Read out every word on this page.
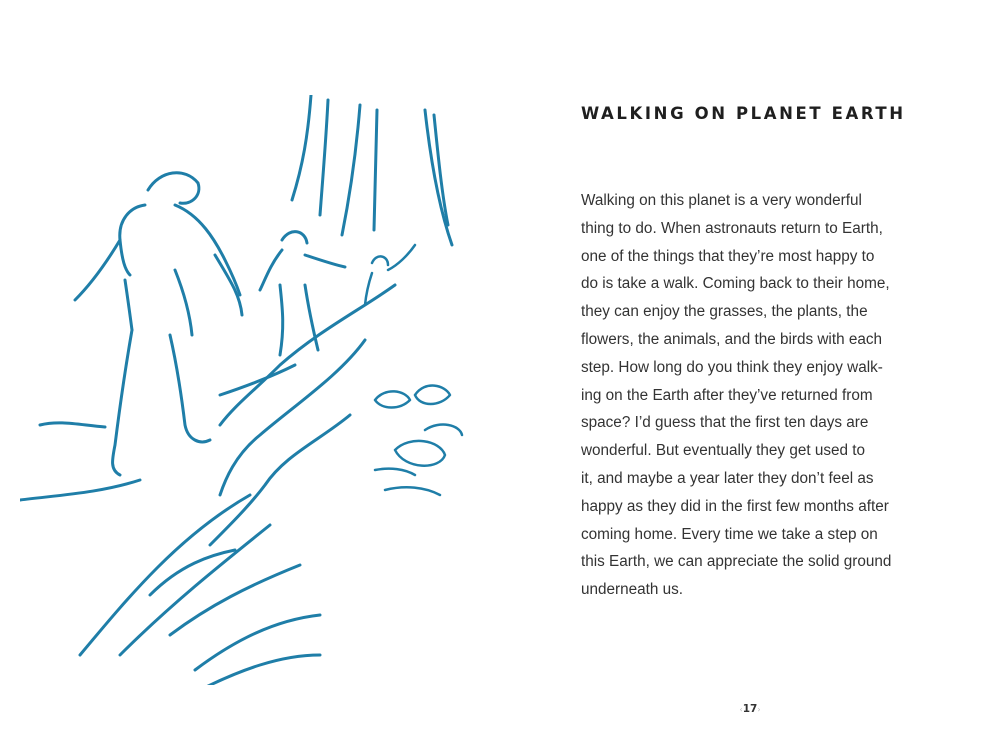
WALKING ON PLANET EARTH
Walking on this planet is a very wonderful
thing to do. When astronauts return to Earth,
one of the things that they’re most happy to
do is take a walk. Coming back to their home,
they can enjoy the grasses, the plants, the
flowers, the animals, and the birds with each
step. How long do you think they enjoy walk-
ing on the Earth after they’ve returned from
space? I’d guess that the first ten days are
wonderful. But eventually they get used to
it, and maybe a year later they don’t feel as
happy as they did in the first few months after
coming home. Every time we take a step on
this Earth, we can appreciate the solid ground
underneath us.
‹17›
